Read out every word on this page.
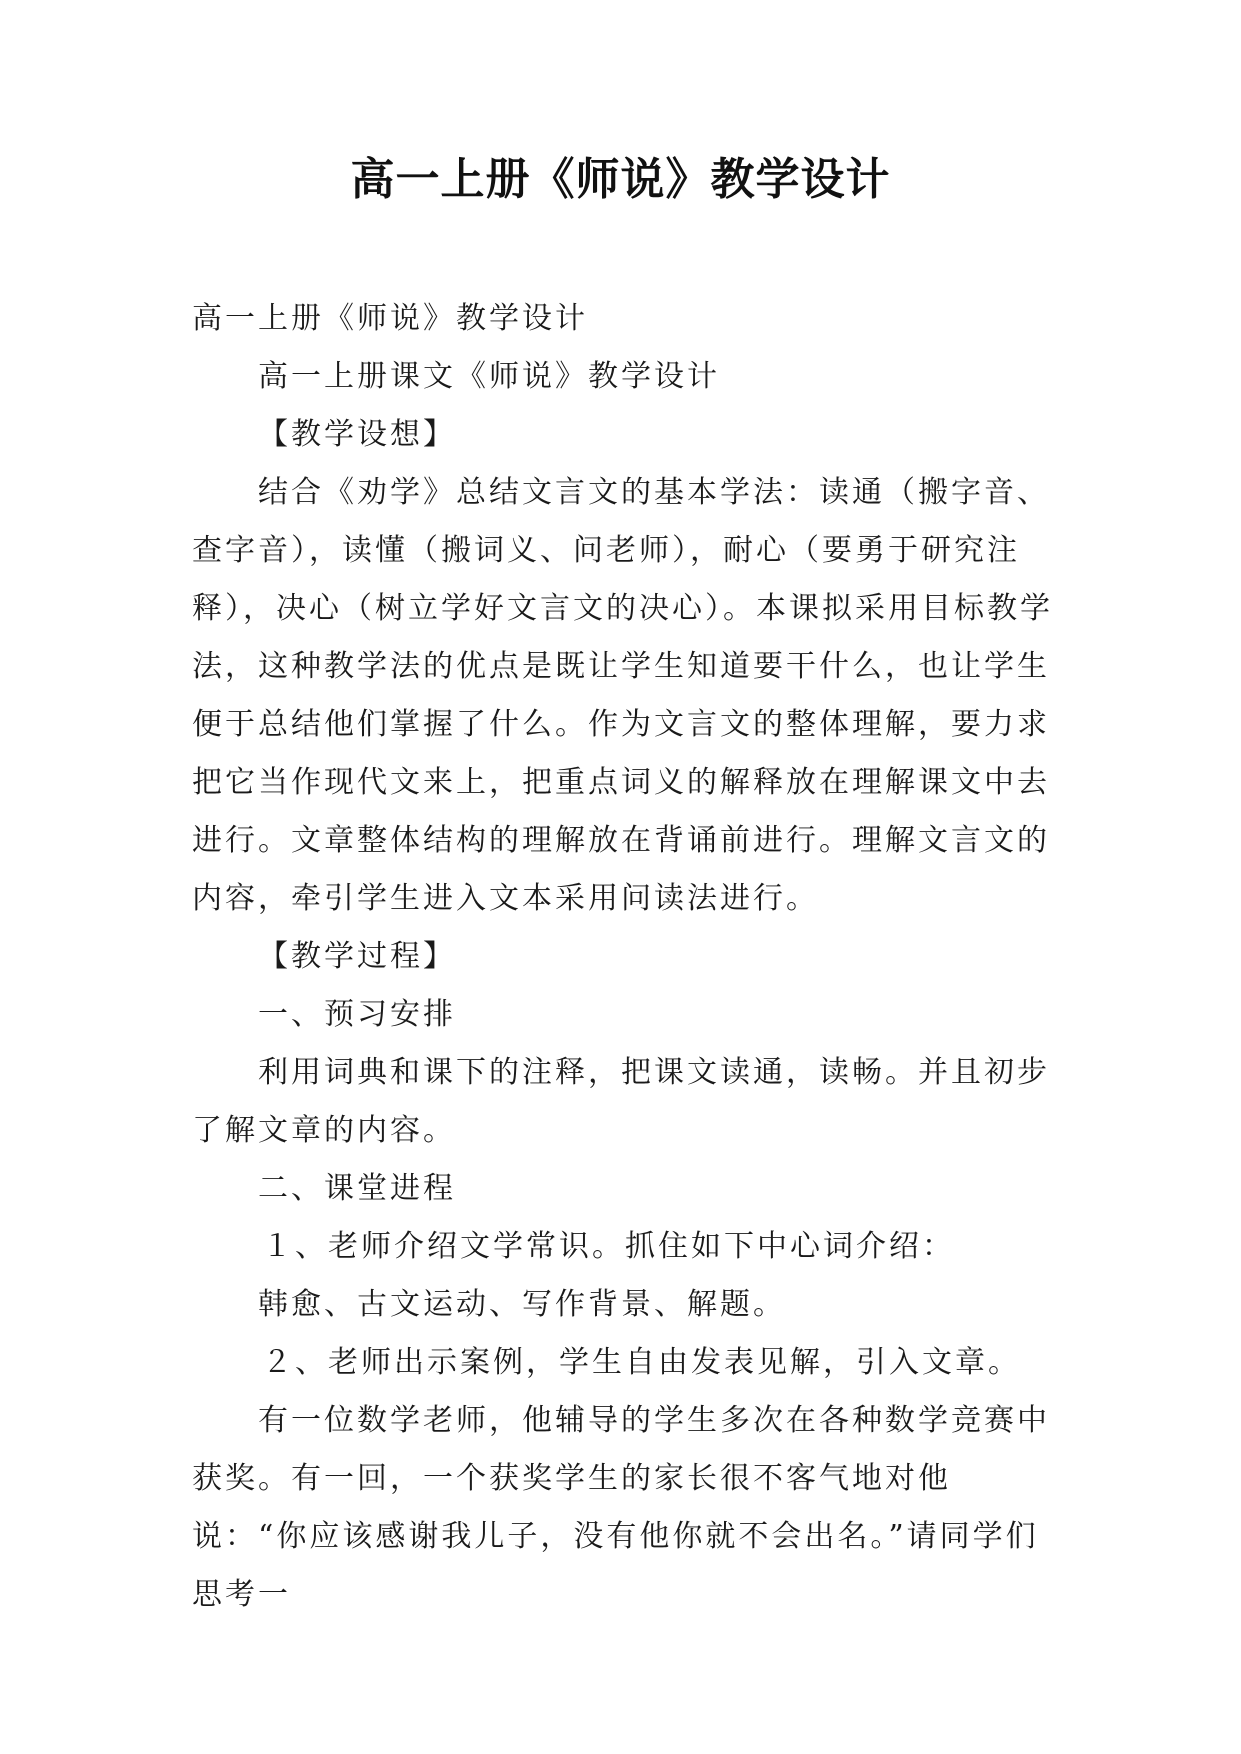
高一上册《师说》教学设计

高一上册《师说》教学设计

高一上册课文《师说》教学设计

【教学设想】

结合《劝学》总结文言文的基本学法：读通（搬字音、查字音），读懂（搬词义、问老师），耐心（要勇于研究注释），决心（树立学好文言文的决心）。本课拟采用目标教学法，这种教学法的优点是既让学生知道要干什么，也让学生便于总结他们掌握了什么。作为文言文的整体理解，要力求把它当作现代文来上，把重点词义的解释放在理解课文中去进行。文章整体结构的理解放在背诵前进行。理解文言文的内容，牵引学生进入文本采用问读法进行。

【教学过程】

一、预习安排

利用词典和课下的注释，把课文读通，读畅。并且初步了解文章的内容。

二、课堂进程

１、老师介绍文学常识。抓住如下中心词介绍：

韩愈、古文运动、写作背景、解题。

２、老师出示案例，学生自由发表见解，引入文章。

有一位数学老师，他辅导的学生多次在各种数学竞赛中获奖。有一回，一个获奖学生的家长很不客气地对他说：“你应该感谢我儿子，没有他你就不会出名。”请同学们思考一
